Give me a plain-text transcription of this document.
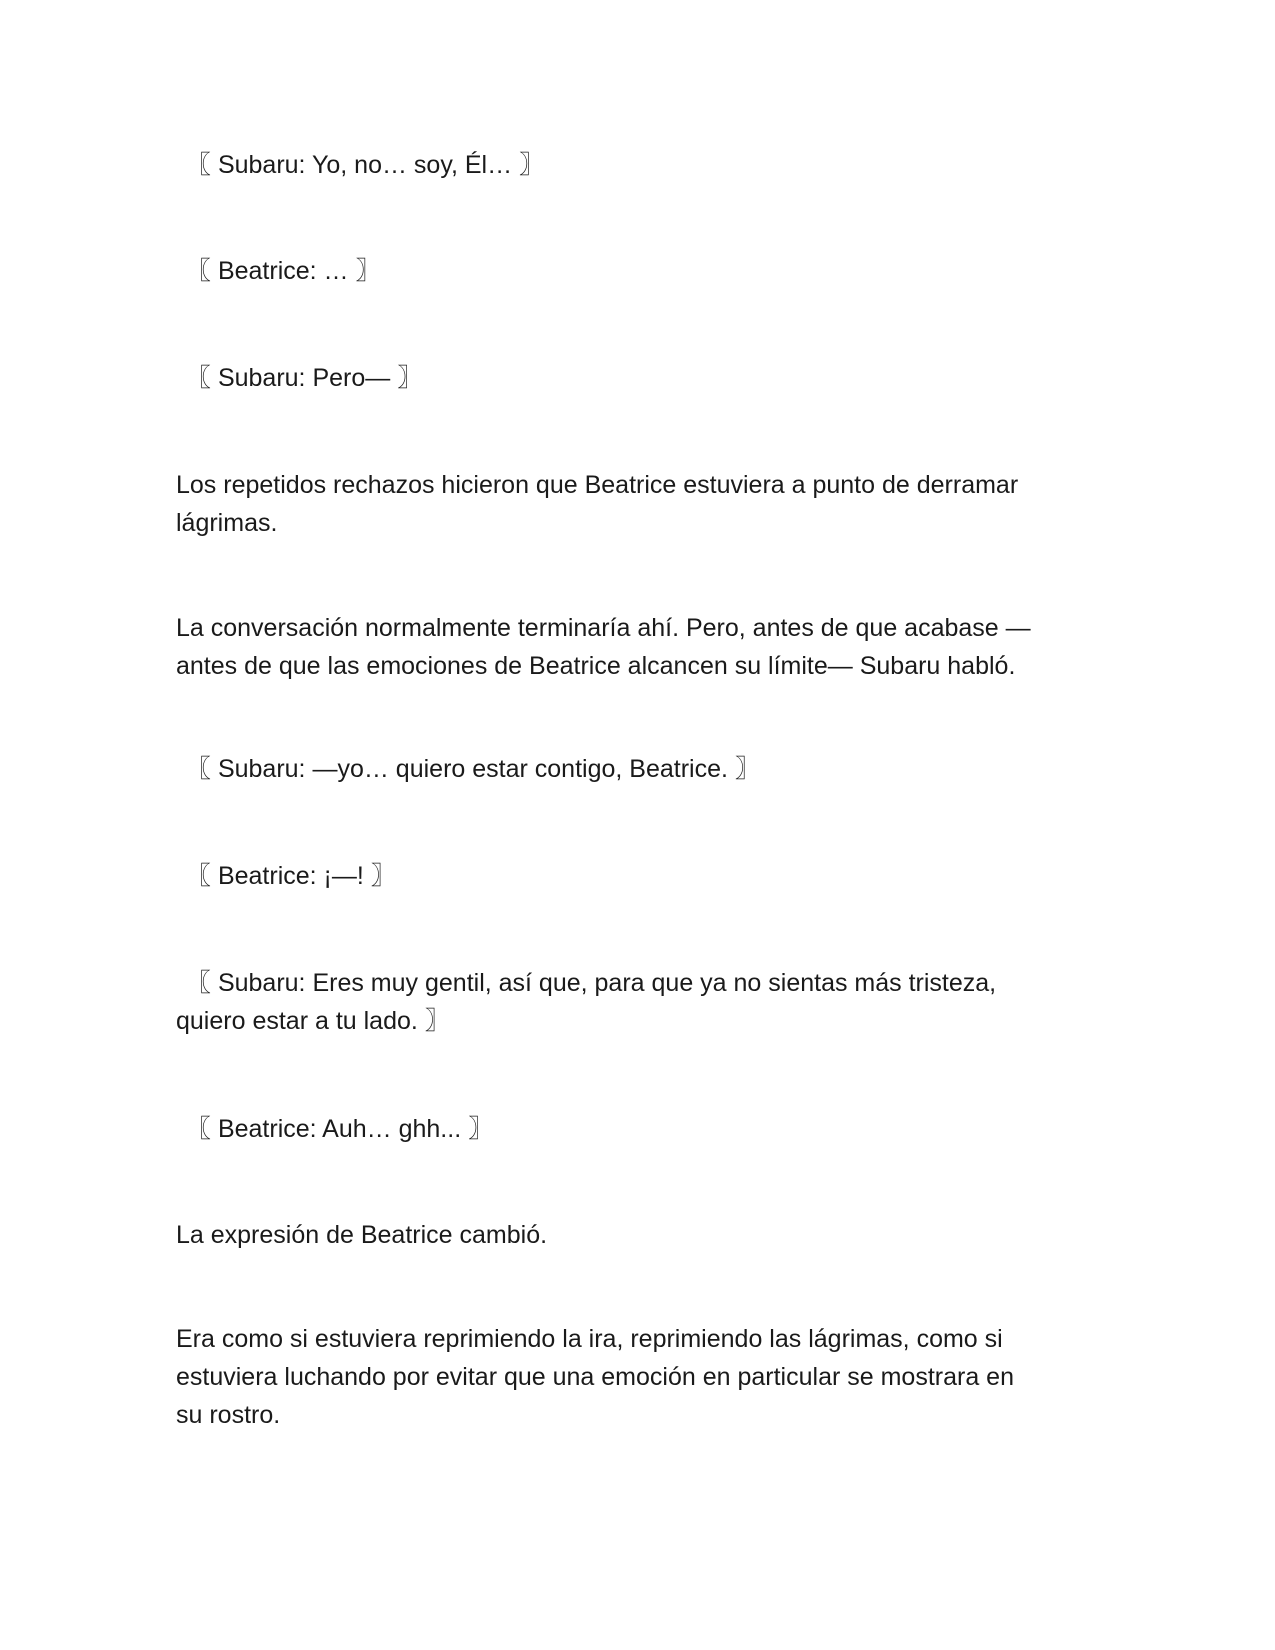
〖 Subaru: Yo, no… soy, Él… 〗

〖 Beatrice: … 〗

〖 Subaru: Pero— 〗

Los repetidos rechazos hicieron que Beatrice estuviera a punto de derramar
lágrimas.

La conversación normalmente terminaría ahí. Pero, antes de que acabase —
antes de que las emociones de Beatrice alcancen su límite— Subaru habló.

〖 Subaru: —yo… quiero estar contigo, Beatrice. 〗

〖 Beatrice: ¡—! 〗

〖 Subaru: Eres muy gentil, así que, para que ya no sientas más tristeza,
quiero estar a tu lado. 〗

〖 Beatrice: Auh… ghh... 〗

La expresión de Beatrice cambió.

Era como si estuviera reprimiendo la ira, reprimiendo las lágrimas, como si
estuviera luchando por evitar que una emoción en particular se mostrara en
su rostro.
